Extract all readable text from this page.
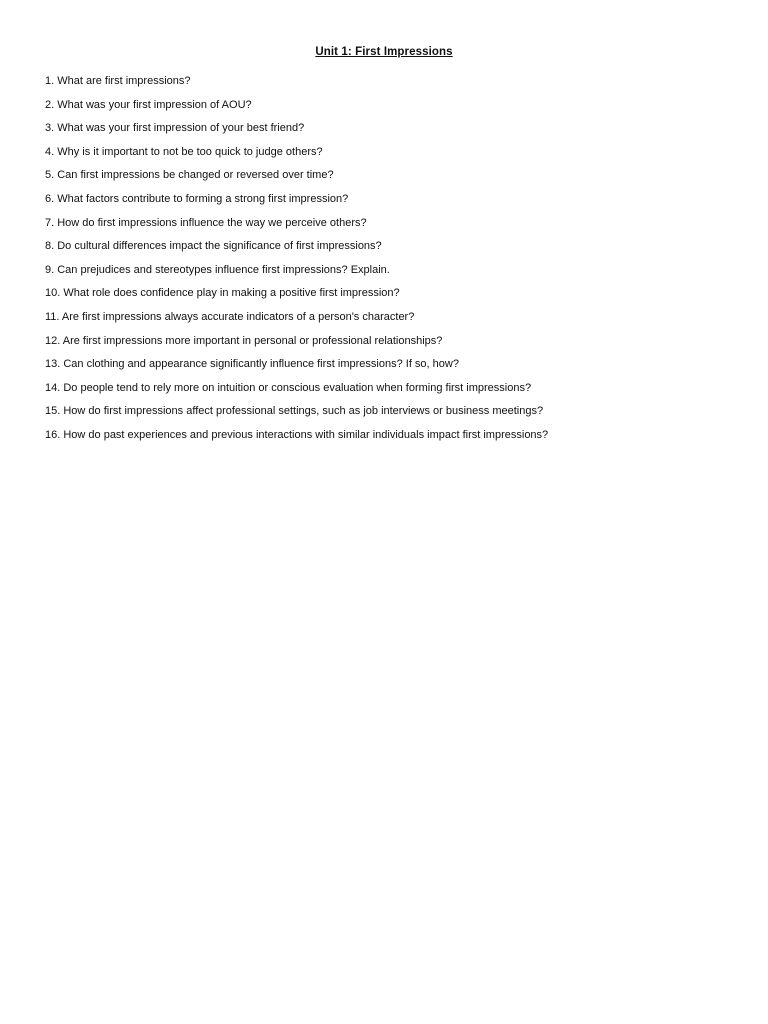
Unit 1: First Impressions
1. What are first impressions?
2. What was your first impression of AOU?
3. What was your first impression of your best friend?
4. Why is it important to not be too quick to judge others?
5. Can first impressions be changed or reversed over time?
6. What factors contribute to forming a strong first impression?
7. How do first impressions influence the way we perceive others?
8. Do cultural differences impact the significance of first impressions?
9. Can prejudices and stereotypes influence first impressions? Explain.
10. What role does confidence play in making a positive first impression?
11. Are first impressions always accurate indicators of a person's character?
12. Are first impressions more important in personal or professional relationships?
13. Can clothing and appearance significantly influence first impressions? If so, how?
14. Do people tend to rely more on intuition or conscious evaluation when forming first impressions?
15. How do first impressions affect professional settings, such as job interviews or business meetings?
16. How do past experiences and previous interactions with similar individuals impact first impressions?
